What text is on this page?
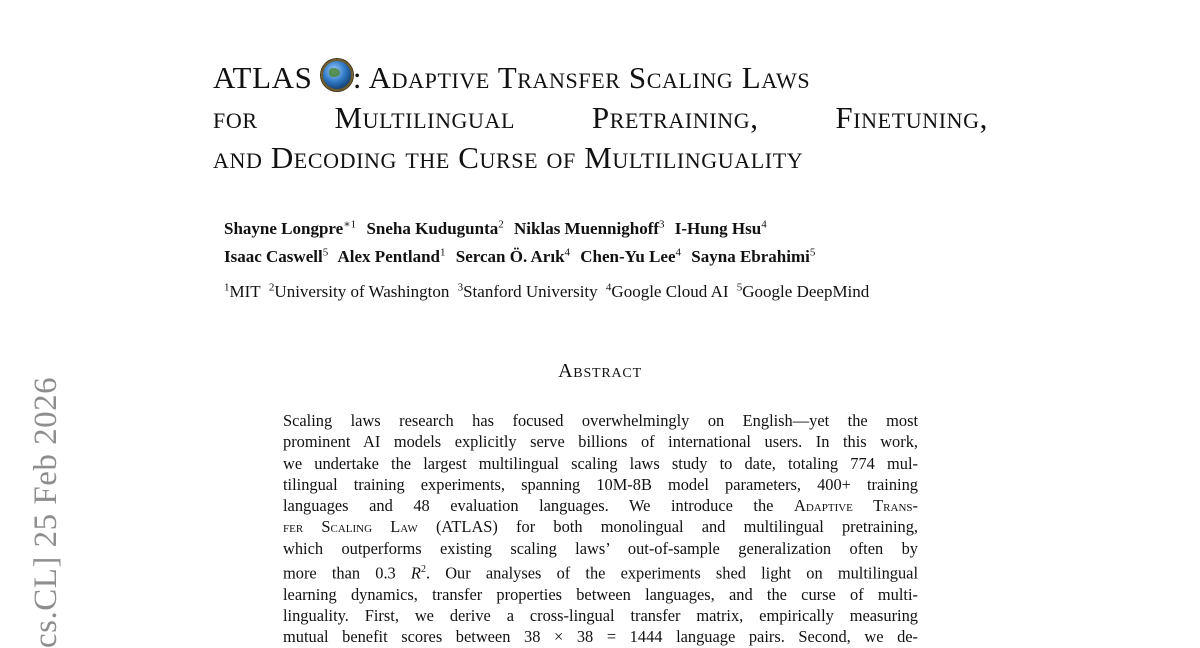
cs.CL] 25 Feb 2026
ATLAS : Adaptive Transfer Scaling Laws
for Multilingual Pretraining, Finetuning,
and Decoding the Curse of Multilinguality
Shayne Longpre$^{∗1}$ Sneha Kudugunta$^2$ Niklas Muennighoff$^3$ I-Hung Hsu$^4$
Isaac Caswell$^5$ Alex Pentland$^1$ Sercan Ö. Arık$^4$ Chen-Yu Lee$^4$ Sayna Ebrahimi$^5$
$^1$MIT $^2$University of Washington $^3$Stanford University $^4$Google Cloud AI $^5$Google DeepMind
Abstract
Scaling laws research has focused overwhelmingly on English—yet the most
prominent AI models explicitly serve billions of international users. In this work,
we undertake the largest multilingual scaling laws study to date, totaling 774 mul-
tilingual training experiments, spanning 10M-8B model parameters, 400+ training
languages and 48 evaluation languages. We introduce the Adaptive Trans-
fer Scaling Law (ATLAS) for both monolingual and multilingual pretraining,
which outperforms existing scaling laws’ out-of-sample generalization often by
more than 0.3 $R^2$. Our analyses of the experiments shed light on multilingual
learning dynamics, transfer properties between languages, and the curse of multi-
linguality. First, we derive a cross-lingual transfer matrix, empirically measuring
mutual benefit scores between 38 × 38 = 1444 language pairs. Second, we de-
